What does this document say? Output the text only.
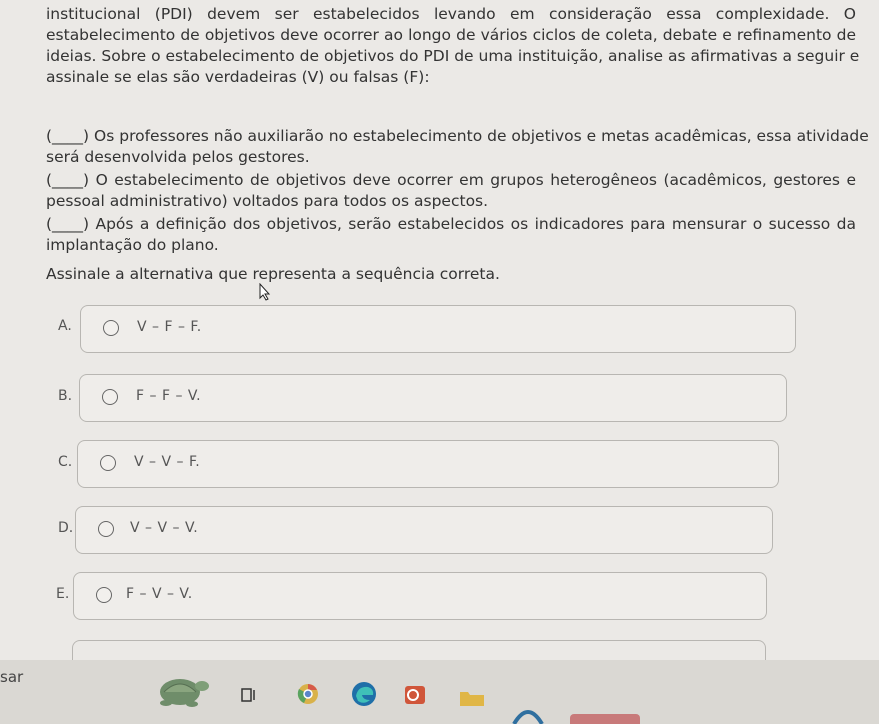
institucional (PDI) devem ser estabelecidos levando em consideração essa complexidade. O
estabelecimento de objetivos deve ocorrer ao longo de vários ciclos de coleta, debate e refinamento de
ideias. Sobre o estabelecimento de objetivos do PDI de uma instituição, analise as afirmativas a seguir e
assinale se elas são verdadeiras (V) ou falsas (F):
(____) Os professores não auxiliarão no estabelecimento de objetivos e metas acadêmicas, essa atividade
será desenvolvida pelos gestores.
(____) O estabelecimento de objetivos deve ocorrer em grupos heterogêneos (acadêmicos, gestores e
pessoal administrativo) voltados para todos os aspectos.
(____) Após a definição dos objetivos, serão estabelecidos os indicadores para mensurar o sucesso da
implantação do plano.
Assinale a alternativa que representa a sequência correta.
A.	V – F – F.
B.	F – F – V.
C.	V – V – F.
D.	V – V – V.
E.	F – V – V.
sar
